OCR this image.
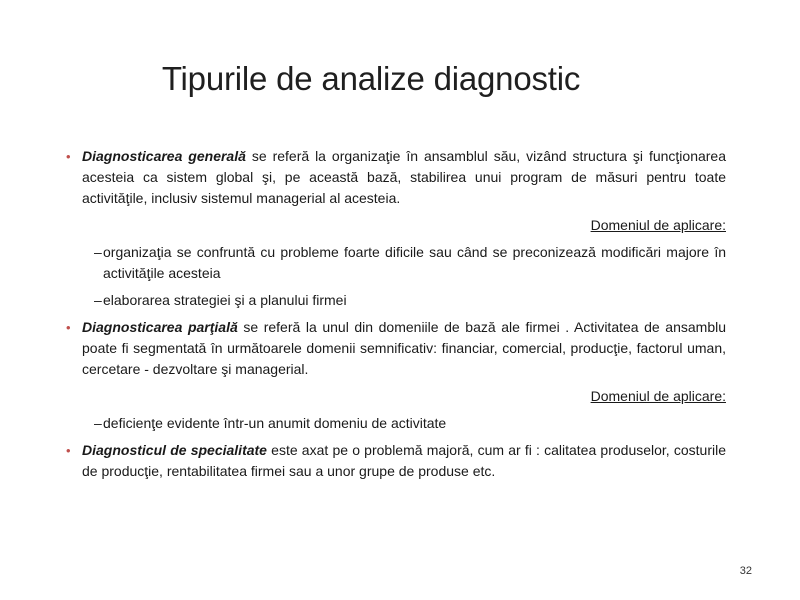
Tipurile de analize diagnostic
• Diagnosticarea generală se referă la organizaţie în ansamblul său, vizând structura şi funcţionarea acesteia ca sistem global şi, pe această bază, stabilirea unui program de măsuri pentru toate activităţile, inclusiv sistemul managerial al acesteia.
Domeniul de aplicare:
– organizaţia se confruntă cu probleme foarte dificile sau când se preconizează modificări majore în activităţile acesteia
– elaborarea strategiei şi a planului firmei
• Diagnosticarea parţială se referă la unul din domeniile de bază ale firmei . Activitatea de ansamblu poate fi segmentată în următoarele domenii semnificativ: financiar, comercial, producţie, factorul uman, cercetare - dezvoltare şi managerial.
Domeniul de aplicare:
– deficienţe evidente într-un anumit domeniu de activitate
• Diagnosticul de specialitate este axat pe o problemă majoră, cum ar fi : calitatea produselor, costurile de producţie, rentabilitatea firmei sau a unor grupe de produse etc.
32
